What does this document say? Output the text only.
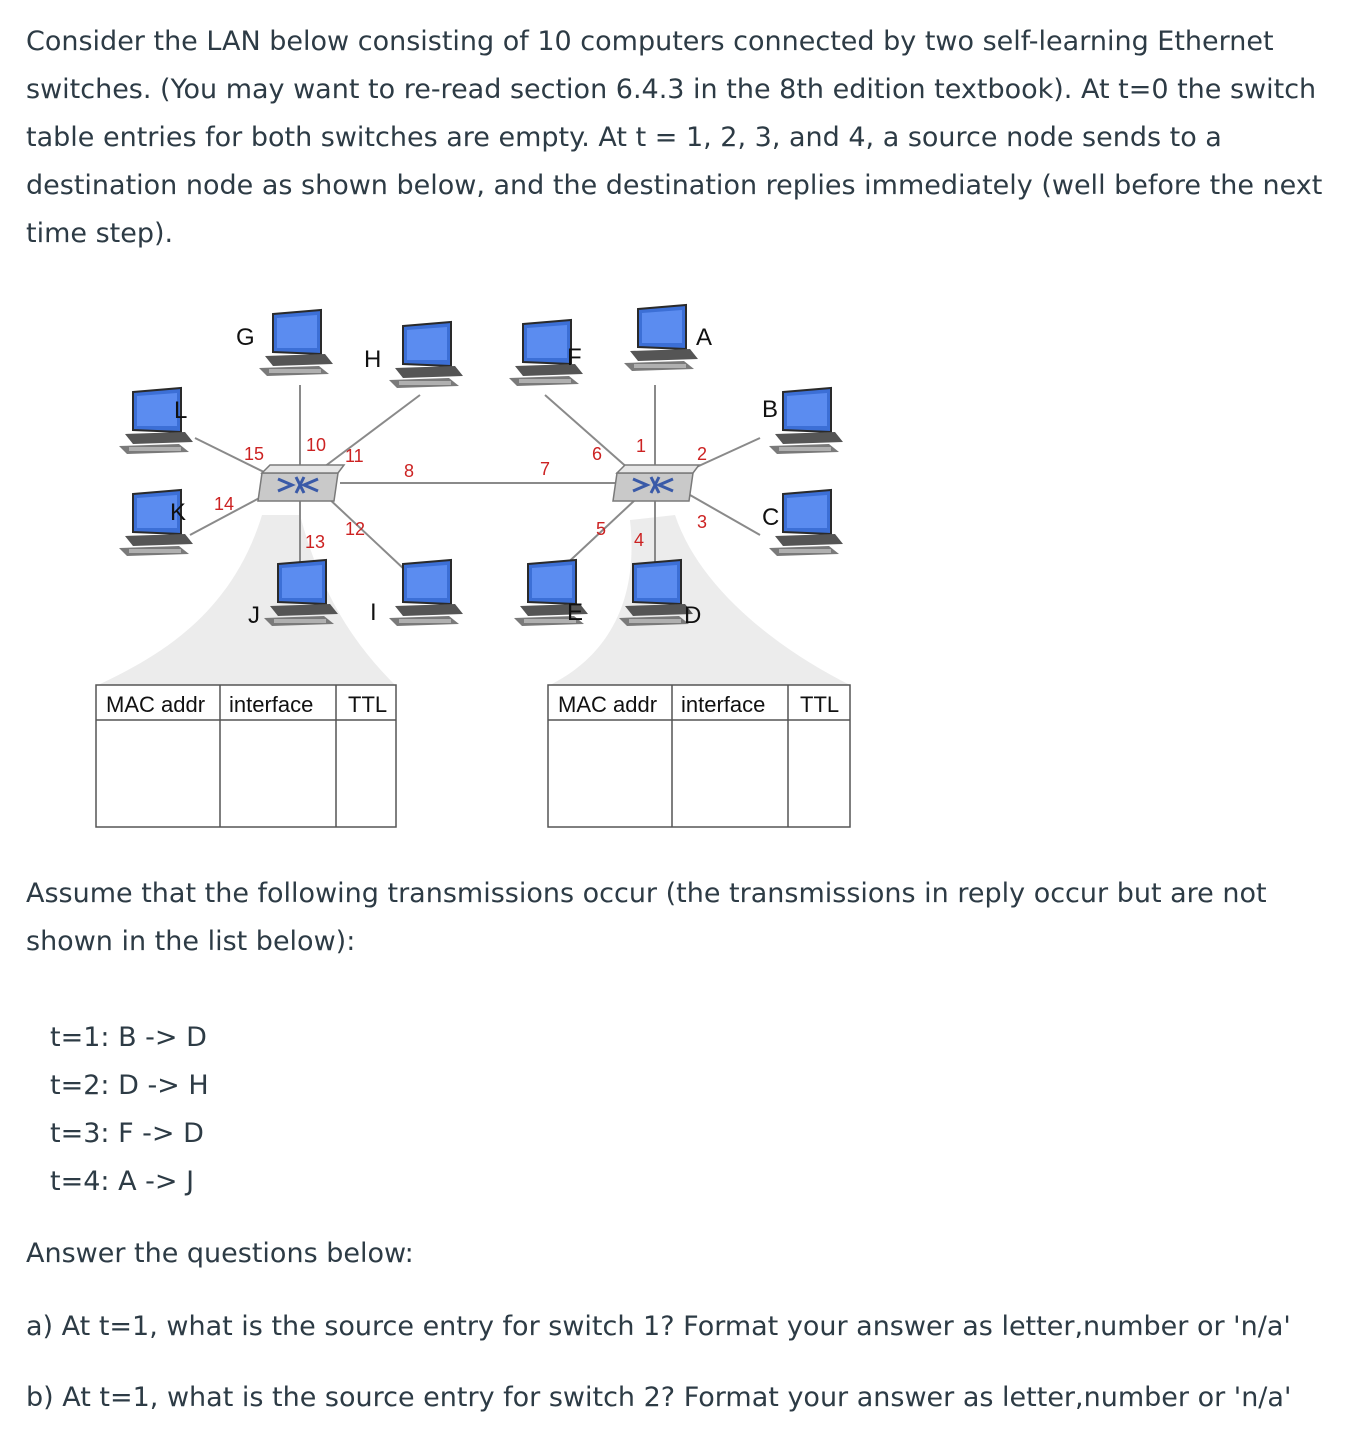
Consider the LAN below consisting of 10 computers connected by two self-learning Ethernet switches. (You may want to re-read section 6.4.3 in the 8th edition textbook). At t=0 the switch table entries for both switches are empty. At t = 1, 2, 3, and 4, a source node sends to a destination node as shown below, and the destination replies immediately (well before the next time step).

G
H
L
K
J	I
F
A
B
C
E	D
15 10
11
8
14
13
12
7
6 1	2
5
4
3
MAC addr interface TTL	MAC addr interface TTL

Assume that the following transmissions occur (the transmissions in reply occur but are not shown in the list below):

t=1: B -> D

t=2: D -> H

t=3: F -> D

t=4: A -> J

Answer the questions below:

a) At t=1, what is the source entry for switch 1? Format your answer as letter,number or 'n/a'

b) At t=1, what is the source entry for switch 2? Format your answer as letter,number or 'n/a'
